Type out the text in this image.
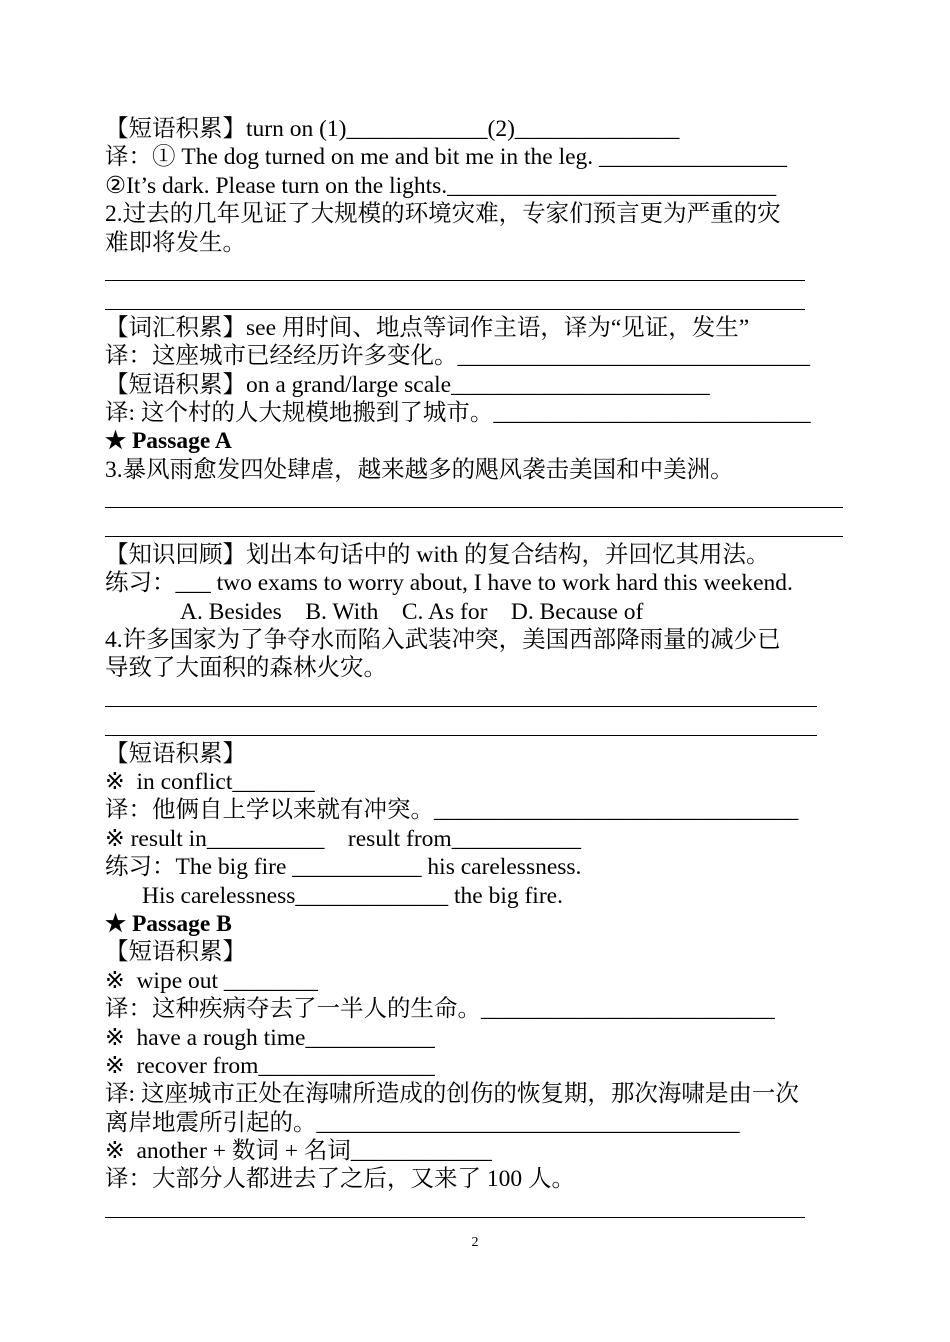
【短语积累】turn on (1)____________(2)______________
译：① The dog turned on me and bit me in the leg. ________________
②It’s dark. Please turn on the lights.____________________________
2.过去的几年见证了大规模的环境灾难，专家们预言更为严重的灾
难即将发生。
【词汇积累】see 用时间、地点等词作主语，译为“见证，发生”
译：这座城市已经经历许多变化。______________________________
【短语积累】on a grand/large scale______________________
译: 这个村的人大规模地搬到了城市。___________________________
★ Passage A
3.暴风雨愈发四处肆虐，越来越多的飓风袭击美国和中美洲。
【知识回顾】划出本句话中的 with 的复合结构，并回忆其用法。
练习：___ two exams to worry about, I have to work hard this weekend.
A. Besides    B. With    C. As for    D. Because of
4.许多国家为了争夺水而陷入武装冲突，美国西部降雨量的减少已
导致了大面积的森林火灾。
【短语积累】
※  in conflict_______
译：他俩自上学以来就有冲突。_______________________________
※ result in__________    result from___________
练习：The big fire ___________ his carelessness.
His carelessness_____________ the big fire.
★ Passage B
【短语积累】
※  wipe out ________
译：这种疾病夺去了一半人的生命。_________________________
※  have a rough time___________
※  recover from_______________
译: 这座城市正处在海啸所造成的创伤的恢复期，那次海啸是由一次
离岸地震所引起的。____________________________________
※  another + 数词 + 名词____________
译：大部分人都进去了之后，又来了 100 人。
2
